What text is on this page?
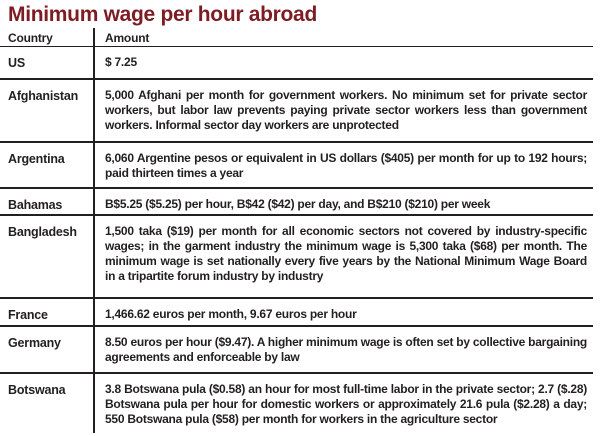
Minimum wage per hour abroad
Country	Amount
US	$ 7.25
Afghanistan	5,000 Afghani per month for government workers. No minimum set for private sector workers, but labor law prevents paying private sector workers less than government workers. Informal sector day workers are unprotected
Argentina	6,060 Argentine pesos or equivalent in US dollars ($405) per month for up to 192 hours; paid thirteen times a year
Bahamas	B$5.25 ($5.25) per hour, B$42 ($42) per day, and B$210 ($210) per week
Bangladesh	1,500 taka ($19) per month for all economic sectors not covered by industry-specific wages; in the garment industry the minimum wage is 5,300 taka ($68) per month. The minimum wage is set nationally every five years by the National Minimum Wage Board in a tripartite forum industry by industry
France	1,466.62 euros per month, 9.67 euros per hour
Germany	8.50 euros per hour ($9.47). A higher minimum wage is often set by collective bargaining agreements and enforceable by law
Botswana	3.8 Botswana pula ($0.58) an hour for most full-time labor in the private sector; 2.7 ($.28) Botswana pula per hour for domestic workers or approximately 21.6 pula ($2.28) a day; 550 Botswana pula ($58) per month for workers in the agriculture sector
